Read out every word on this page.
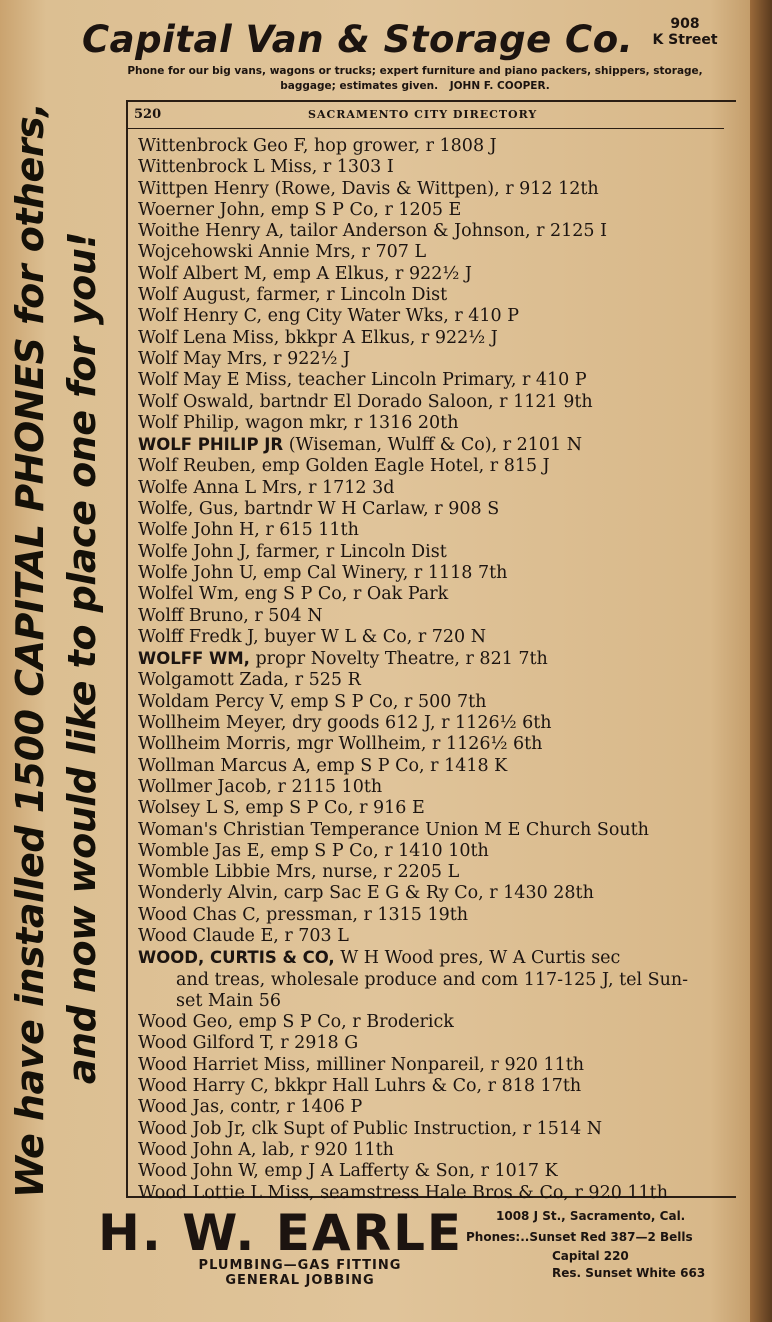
Capital Van & Storage Co.	908
K Street
Phone for our big vans, wagons or trucks; expert furniture and piano packers, shippers, storage, baggage; estimates given. JOHN F. COOPER.
We have installed 1500 CAPITAL PHONES for others, and now would like to place one for you!
520	SACRAMENTO CITY DIRECTORY
Wittenbrock Geo F, hop grower, r 1808 J
Wittenbrock L Miss, r 1303 I
Wittpen Henry (Rowe, Davis & Wittpen), r 912 12th
Woerner John, emp S P Co, r 1205 E
Woithe Henry A, tailor Anderson & Johnson, r 2125 I
Wojcehowski Annie Mrs, r 707 L
Wolf Albert M, emp A Elkus, r 922½ J
Wolf August, farmer, r Lincoln Dist
Wolf Henry C, eng City Water Wks, r 410 P
Wolf Lena Miss, bkkpr A Elkus, r 922½ J
Wolf May Mrs, r 922½ J
Wolf May E Miss, teacher Lincoln Primary, r 410 P
Wolf Oswald, bartndr El Dorado Saloon, r 1121 9th
Wolf Philip, wagon mkr, r 1316 20th
WOLF PHILIP JR (Wiseman, Wulff & Co), r 2101 N
Wolf Reuben, emp Golden Eagle Hotel, r 815 J
Wolfe Anna L Mrs, r 1712 3d
Wolfe, Gus, bartndr W H Carlaw, r 908 S
Wolfe John H, r 615 11th
Wolfe John J, farmer, r Lincoln Dist
Wolfe John U, emp Cal Winery, r 1118 7th
Wolfel Wm, eng S P Co, r Oak Park
Wolff Bruno, r 504 N
Wolff Fredk J, buyer W L & Co, r 720 N
WOLFF WM, propr Novelty Theatre, r 821 7th
Wolgamott Zada, r 525 R
Woldam Percy V, emp S P Co, r 500 7th
Wollheim Meyer, dry goods 612 J, r 1126½ 6th
Wollheim Morris, mgr Wollheim, r 1126½ 6th
Wollman Marcus A, emp S P Co, r 1418 K
Wollmer Jacob, r 2115 10th
Wolsey L S, emp S P Co, r 916 E
Woman's Christian Temperance Union M E Church South
Womble Jas E, emp S P Co, r 1410 10th
Womble Libbie Mrs, nurse, r 2205 L
Wonderly Alvin, carp Sac E G & Ry Co, r 1430 28th
Wood Chas C, pressman, r 1315 19th
Wood Claude E, r 703 L
WOOD, CURTIS & CO, W H Wood pres, W A Curtis sec
and treas, wholesale produce and com 117-125 J, tel Sun-
set Main 56
Wood Geo, emp S P Co, r Broderick
Wood Gilford T, r 2918 G
Wood Harriet Miss, milliner Nonpareil, r 920 11th
Wood Harry C, bkkpr Hall Luhrs & Co, r 818 17th
Wood Jas, contr, r 1406 P
Wood Job Jr, clk Supt of Public Instruction, r 1514 N
Wood John A, lab, r 920 11th
Wood John W, emp J A Lafferty & Son, r 1017 K
Wood Lottie L Miss, seamstress Hale Bros & Co, r 920 11th
H. W. EARLE
PLUMBING—GAS FITTING
GENERAL JOBBING
1008 J St., Sacramento, Cal.
Phones:..Sunset Red 387—2 Bells
Capital 220
Res. Sunset White 663
